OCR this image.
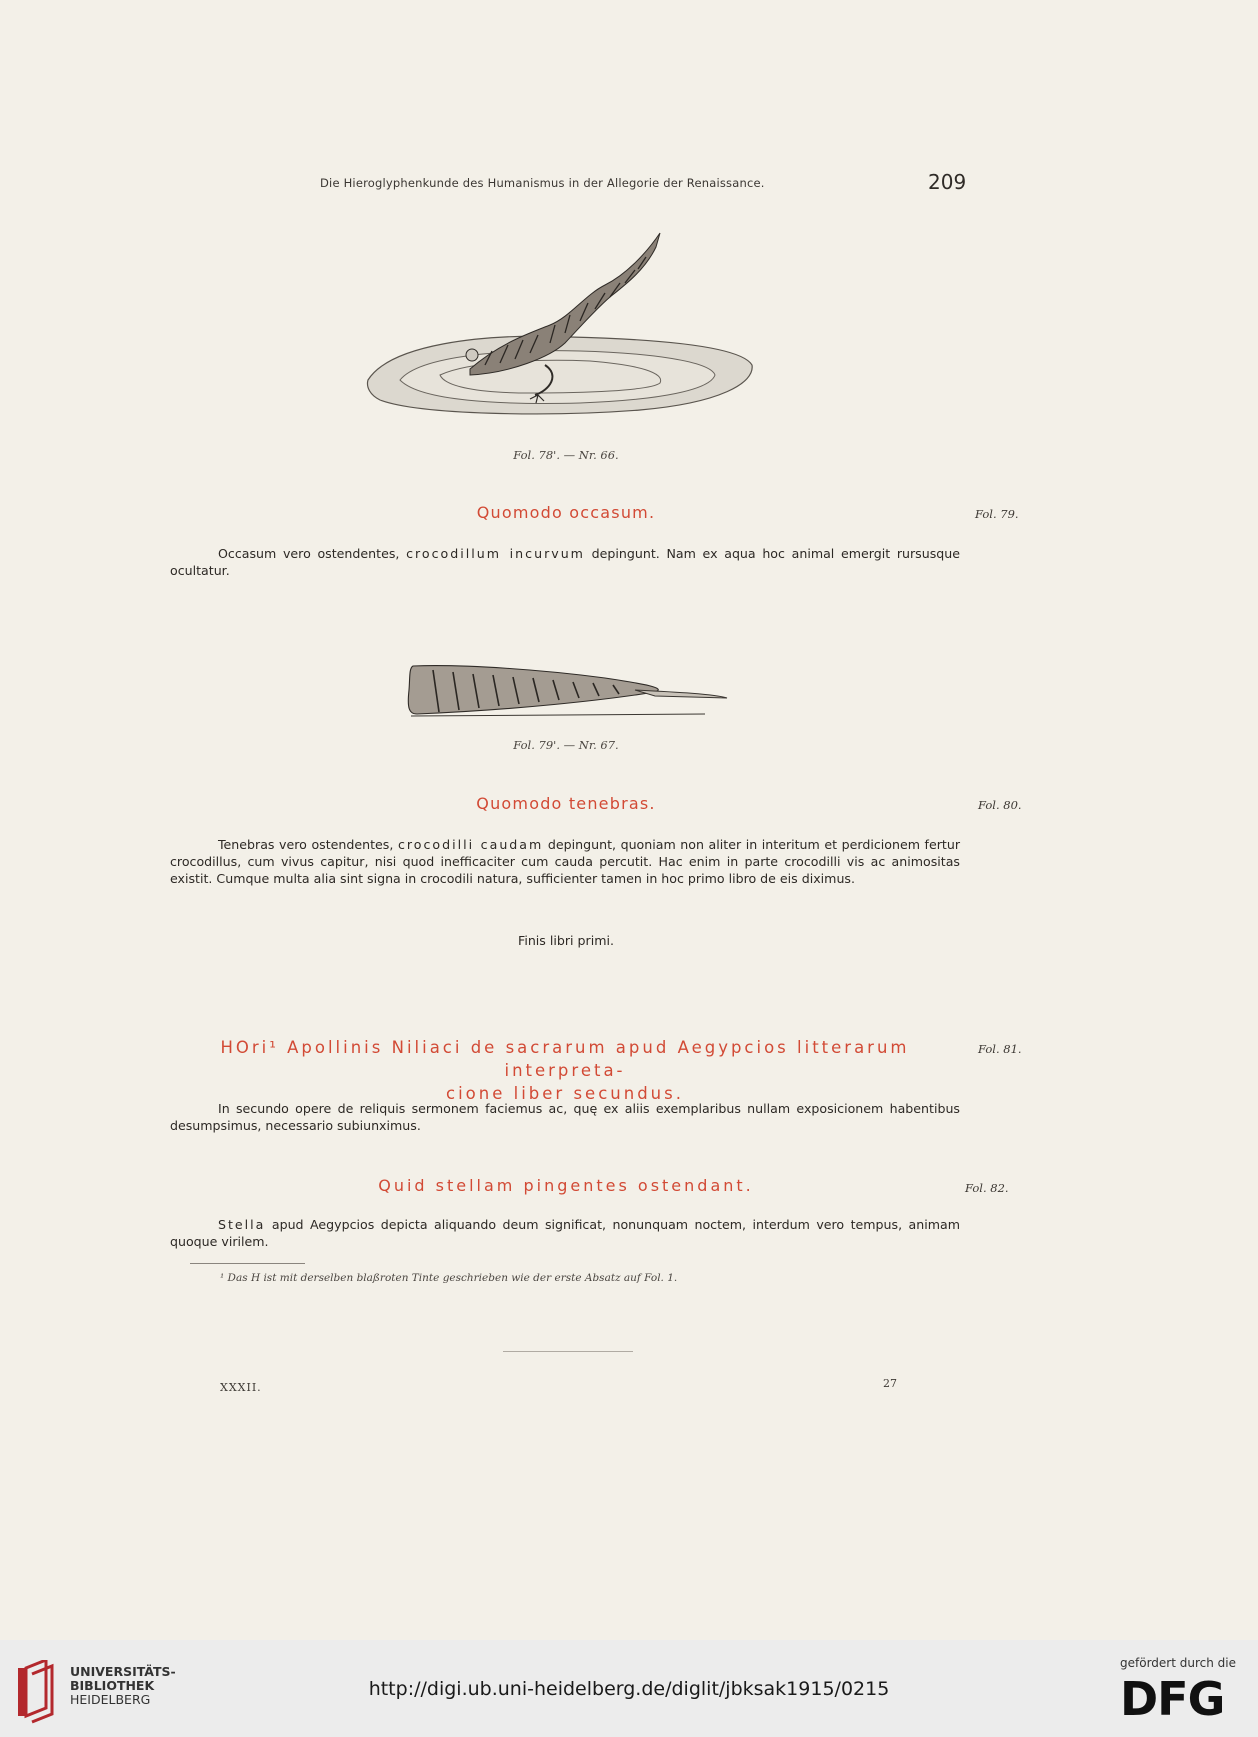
Die Hieroglyphenkunde des Humanismus in der Allegorie der Renaissance.	209
Fol. 78'. — Nr. 66.
Quomodo occasum.	Fol. 79.

Occasum vero ostendentes, crocodillum incurvum depingunt. Nam ex aqua hoc animal emergit rursusque ocultatur.

Fol. 79'. — Nr. 67.
Quomodo tenebras.	Fol. 80.

Tenebras vero ostendentes, crocodilli caudam depingunt, quoniam non aliter in interitum et perdicionem fertur crocodillus, cum vivus capitur, nisi quod inefficaciter cum cauda percutit. Hac enim in parte crocodilli vis ac animositas existit. Cumque multa alia sint signa in crocodili natura, sufficienter tamen in hoc primo libro de eis diximus.

Finis libri primi.
HOri¹ Apollinis Niliaci de sacrarum apud Aegypcios litterarum interpreta-
cione liber secundus.
Fol. 81.

In secundo opere de reliquis sermonem faciemus ac, quę ex aliis exemplaribus nullam exposicionem habentibus desumpsimus, necessario subiunximus.

Quid stellam pingentes ostendant.	Fol. 82.

Stella apud Aegypcios depicta aliquando deum significat, nonunquam noctem, interdum vero tempus, animam quoque virilem.

¹ Das H ist mit derselben blaßroten Tinte geschrieben wie der erste Absatz auf Fol. 1.
XXXII.	27
UNIVERSITÄTS-
BIBLIOTHEK
HEIDELBERG	http://digi.ub.uni-heidelberg.de/diglit/jbksak1915/0215
gefördert durch die
DFG
